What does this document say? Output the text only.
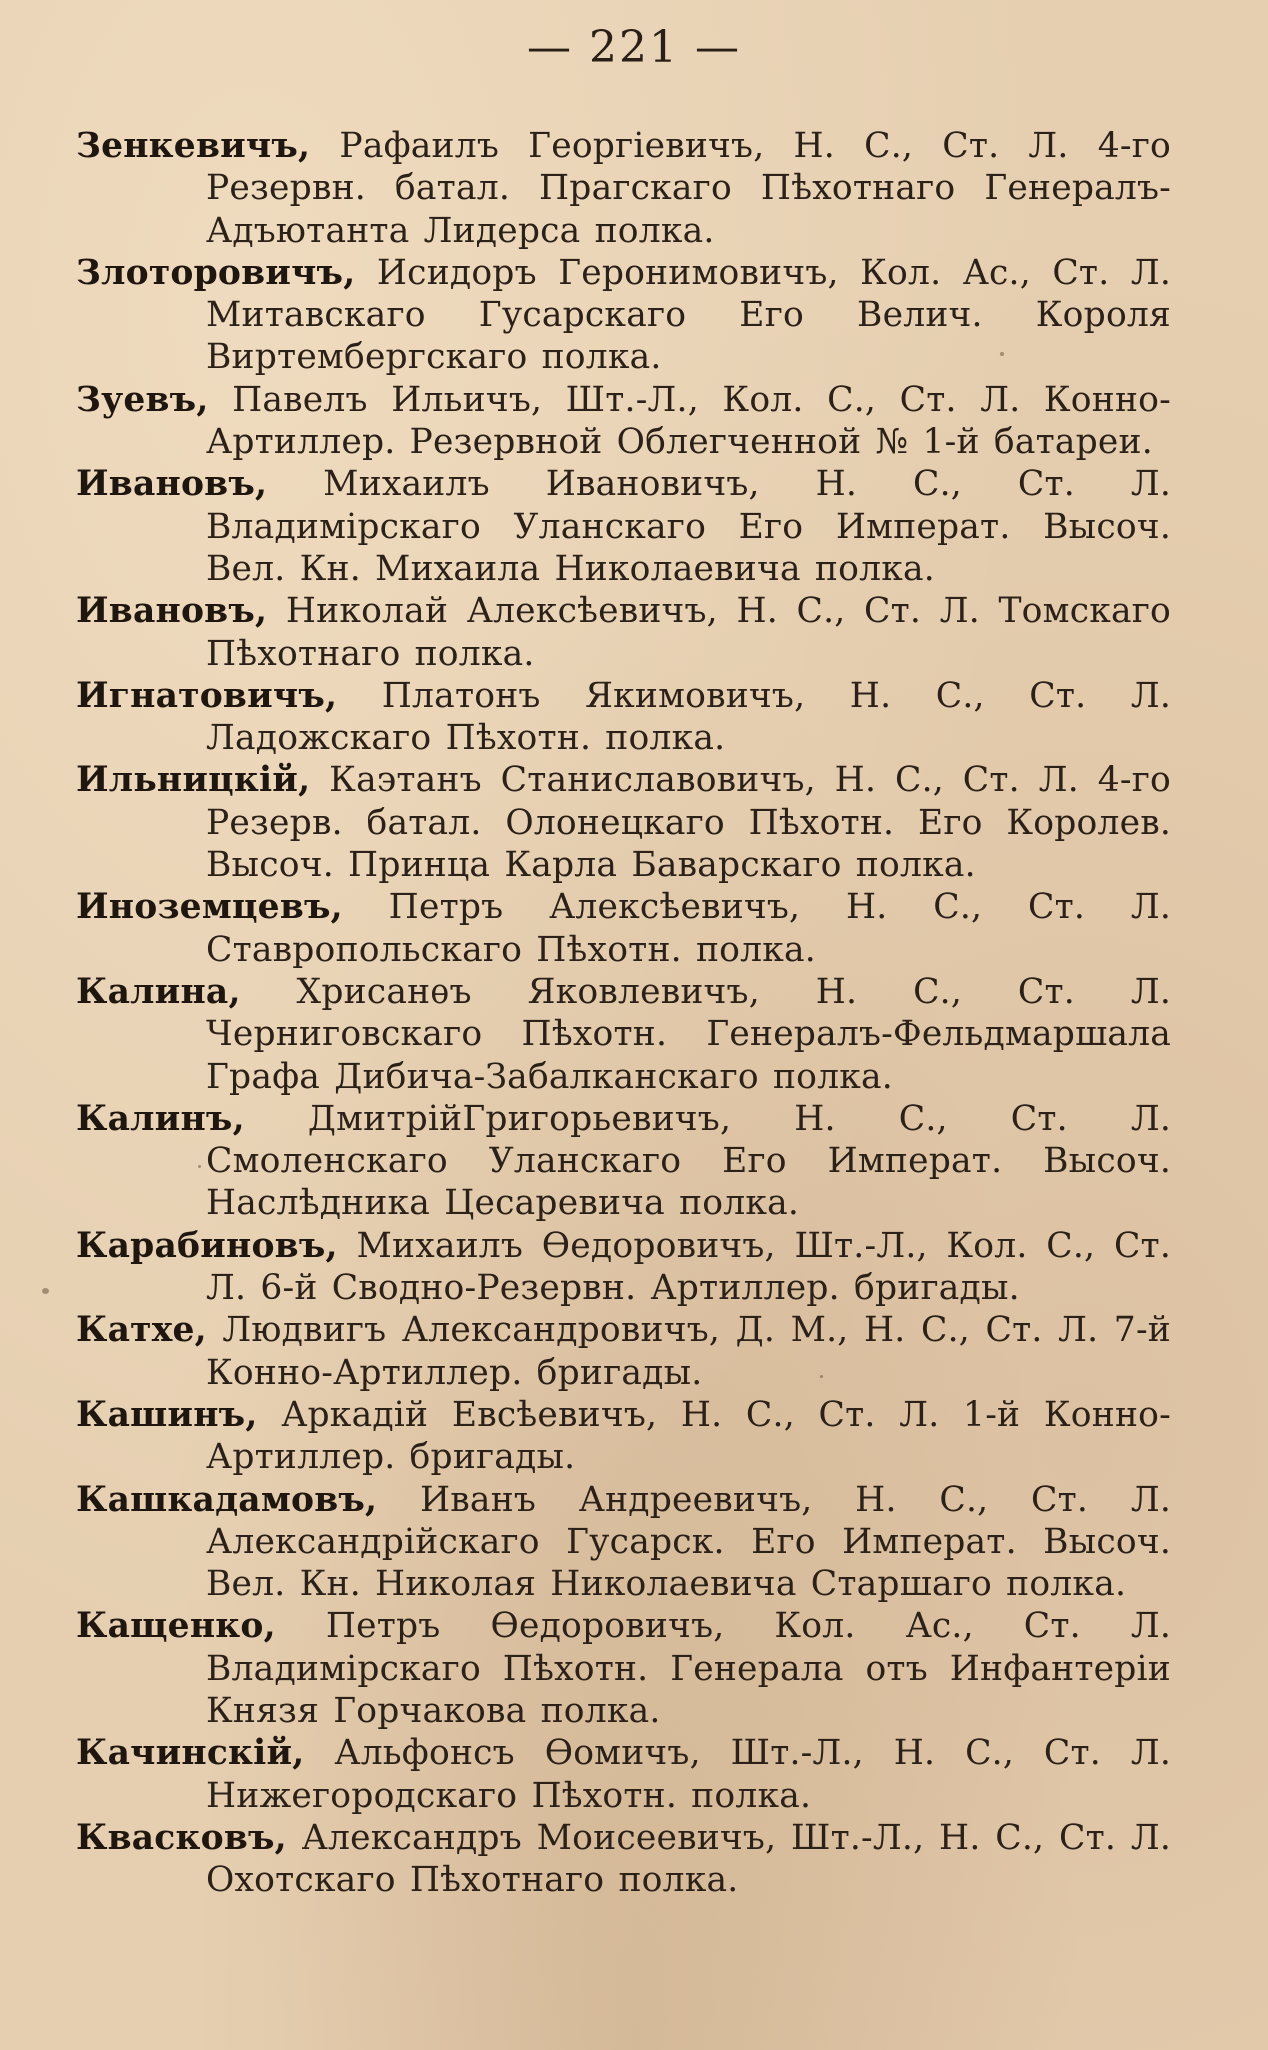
— 221 —

Зенкевичъ, Рафаилъ Георгіевичъ, Н. С., Ст. Л. 4-го Резервн. батал. Прагскаго Пѣхотнаго Генералъ-Адъютанта Лидерса полка.

Злоторовичъ, Исидоръ Геронимовичъ, Кол. Ас., Ст. Л. Митавскаго Гусарскаго Его Велич. Короля Виртембергскаго полка.

Зуевъ, Павелъ Ильичъ, Шт.-Л., Кол. С., Ст. Л. Конно-Артиллер. Резервной Облегченной № 1-й батареи.

Ивановъ, Михаилъ Ивановичъ, Н. С., Ст. Л. Владимірскаго Уланскаго Его Императ. Высоч. Вел. Кн. Михаила Николаевича полка.

Ивановъ, Николай Алексѣевичъ, Н. С., Ст. Л. Томскаго Пѣхотнаго полка.

Игнатовичъ, Платонъ Якимовичъ, Н. С., Ст. Л. Ладожскаго Пѣхотн. полка.

Ильницкій, Каэтанъ Станиславовичъ, Н. С., Ст. Л. 4-го Резерв. батал. Олонецкаго Пѣхотн. Его Королев. Высоч. Принца Карла Баварскаго полка.

Иноземцевъ, Петръ Алексѣевичъ, Н. С., Ст. Л. Ставропольскаго Пѣхотн. полка.

Калина, Хрисанѳъ Яковлевичъ, Н. С., Ст. Л. Черниговскаго Пѣхотн. Генералъ-Фельдмаршала Графа Дибича-Забалканскаго полка.

Калинъ, ДмитрійГригорьевичъ, Н. С., Ст. Л. Смоленскаго Уланскаго Его Императ. Высоч. Наслѣдника Цесаревича полка.

Карабиновъ, Михаилъ Ѳедоровичъ, Шт.-Л., Кол. С., Ст. Л. 6-й Сводно-Резервн. Артиллер. бригады.

Катхе, Людвигъ Александровичъ, Д. М., Н. С., Ст. Л. 7-й Конно-Артиллер. бригады.

Кашинъ, Аркадій Евсѣевичъ, Н. С., Ст. Л. 1-й Конно-Артиллер. бригады.

Кашкадамовъ, Иванъ Андреевичъ, Н. С., Ст. Л. Александрійскаго Гусарск. Его Императ. Высоч. Вел. Кн. Николая Николаевича Старшаго полка.

Кащенко, Петръ Ѳедоровичъ, Кол. Ас., Ст. Л. Владимірскаго Пѣхотн. Генерала отъ Инфантеріи Князя Горчакова полка.

Качинскій, Альфонсъ Ѳомичъ, Шт.-Л., Н. С., Ст. Л. Нижегородскаго Пѣхотн. полка.

Квасковъ, Александръ Моисеевичъ, Шт.-Л., Н. С., Ст. Л. Охотскаго Пѣхотнаго полка.
